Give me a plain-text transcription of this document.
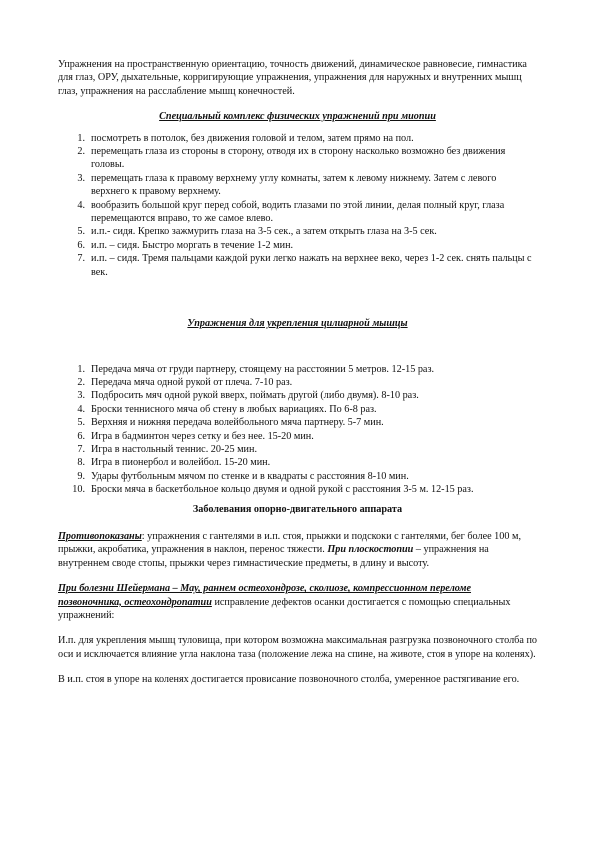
Упражнения на пространственную ориентацию, точность движений, динамическое равновесие, гимнастика для глаз, ОРУ, дыхательные, корригирующие упражнения, упражнения для наружных и внутренних мышц глаз, упражнения на расслабление мышц конечностей.

Специальный комплекс физических упражнений при миопии
1. посмотреть в потолок, без движения головой и телом, затем прямо на пол.
2. перемещать глаза из стороны в сторону, отводя их в сторону насколько возможно без движения головы.
3. перемещать глаза к правому верхнему углу комнаты, затем к левому нижнему. Затем с левого верхнего к правому верхнему.
4. вообразить большой круг перед собой, водить глазами по этой линии, делая полный круг, глаза перемещаются вправо, то же самое влево.
5. и.п.- сидя. Крепко зажмурить глаза на 3-5 сек., а затем открыть глаза на 3-5 сек.
6. и.п. – сидя. Быстро моргать в течение 1-2 мин.
7. и.п. – сидя. Тремя пальцами каждой руки легко нажать на верхнее веко, через 1-2 сек. снять пальцы с век.
Упражнения для укрепления цилиарной мышцы
1. Передача мяча от груди партнеру, стоящему на расстоянии 5 метров. 12-15 раз.
2. Передача мяча одной рукой от плеча. 7-10 раз.
3. Подбросить мяч одной рукой вверх, поймать другой (либо двумя). 8-10 раз.
4. Броски теннисного мяча об стену в любых вариациях. По 6-8 раз.
5. Верхняя и нижняя передача волейбольного мяча партнеру. 5-7 мин.
6. Игра в бадминтон через сетку и без нее. 15-20 мин.
7. Игра в настольный теннис. 20-25 мин.
8. Игра в пионербол и волейбол. 15-20 мин.
9. Удары футбольным мячом по стенке и в квадраты с расстояния 8-10 мин.
10. Броски мяча в баскетбольное кольцо двумя и одной рукой с расстояния 3-5 м. 12-15 раз.
Заболевания опорно-двигательного аппарата

Противопоказаны: упражнения с гантелями в и.п. стоя, прыжки и подскоки с гантелями, бег более 100 м, прыжки, акробатика, упражнения в наклон, перенос тяжести. При плоскостопии – упражнения на внутреннем своде стопы, прыжки через гимнастические предметы, в длину и высоту.

При болезни Шейермана – Мау, раннем остеохондрозе, сколиозе, компрессионном переломе позвоночника, остеохондропатии исправление дефектов осанки достигается с помощью специальных упражнений:

И.п. для укрепления мышц туловища, при котором возможна максимальная разгрузка позвоночного столба по оси и исключается влияние угла наклона таза (положение лежа на спине, на животе, стоя в упоре на коленях).

В и.п. стоя в упоре на коленях достигается провисание позвоночного столба, умеренное растягивание его.
